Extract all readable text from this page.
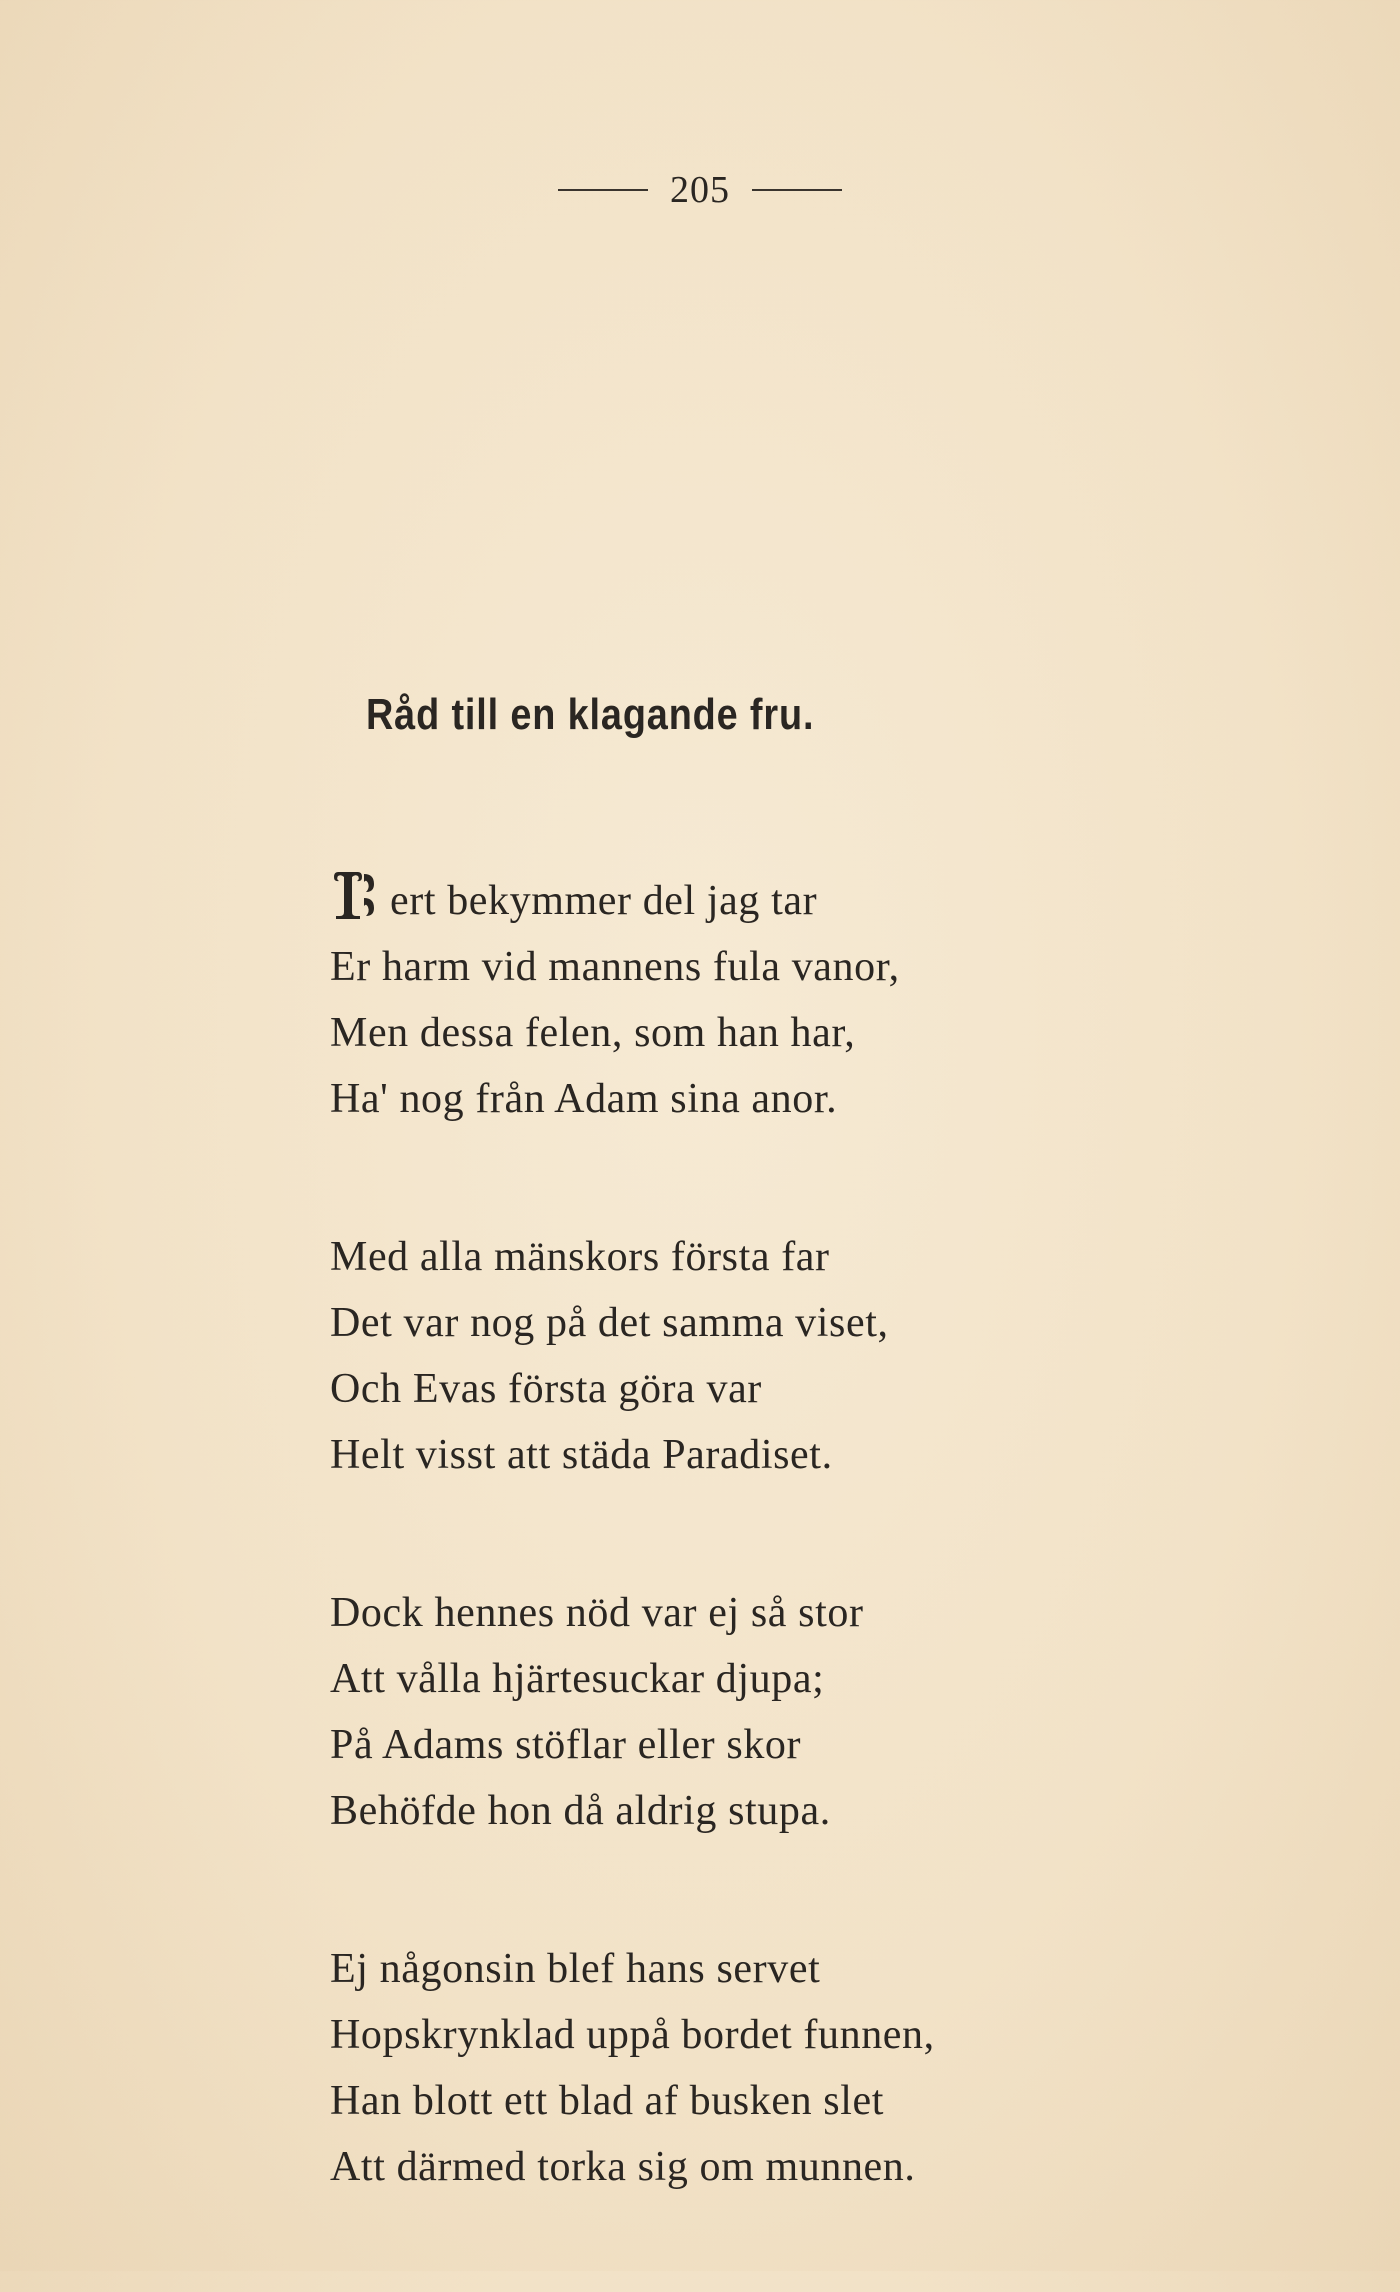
205
Råd till en klagande fru.
I ert bekymmer del jag tar
Er harm vid mannens fula vanor,
Men dessa felen, som han har,
Ha' nog från Adam sina anor.
Med alla mänskors första far
Det var nog på det samma viset,
Och Evas första göra var
Helt visst att städa Paradiset.
Dock hennes nöd var ej så stor
Att vålla hjärtesuckar djupa;
På Adams stöflar eller skor
Behöfde hon då aldrig stupa.
Ej någonsin blef hans servet
Hopskrynklad uppå bordet funnen,
Han blott ett blad af busken slet
Att därmed torka sig om munnen.
